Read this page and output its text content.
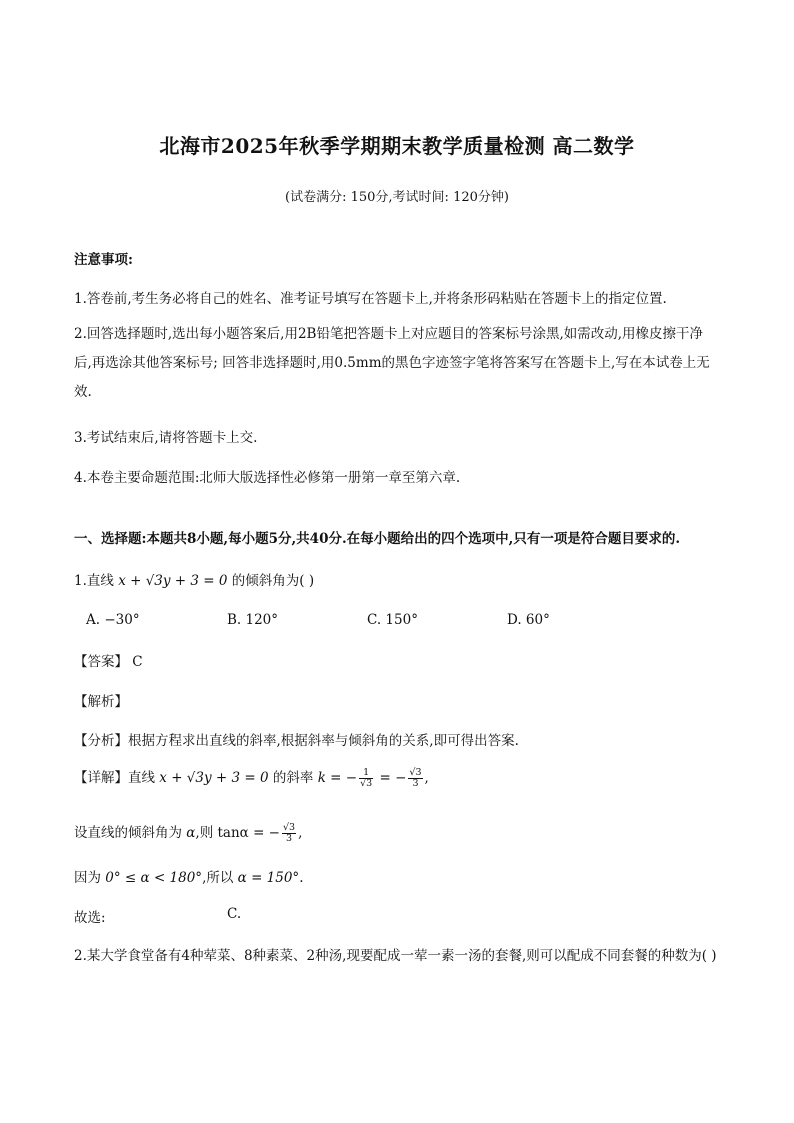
北海市2025年秋季学期期末教学质量检测 高二数学
(试卷满分: 150分,考试时间: 120分钟)
注意事项:
1.答卷前,考生务必将自己的姓名、准考证号填写在答题卡上,并将条形码粘贴在答题卡上的指定位置.
2.回答选择题时,选出每小题答案后,用2B铅笔把答题卡上对应题目的答案标号涂黑,如需改动,用橡皮擦干净后,再选涂其他答案标号; 回答非选择题时,用0.5mm的黑色字迹签字笔将答案写在答题卡上,写在本试卷上无效.
3.考试结束后,请将答题卡上交.
4.本卷主要命题范围:北师大版选择性必修第一册第一章至第六章.
一、选择题:本题共8小题,每小题5分,共40分.在每小题给出的四个选项中,只有一项是符合题目要求的.
1.直线 x + √3y + 3 = 0 的倾斜角为( )
A. −30°	B. 120°	C. 150°	D. 60°
【答案】 C
【解析】
【分析】根据方程求出直线的斜率,根据斜率与倾斜角的关系,即可得出答案.
【详解】直线 x + √3y + 3 = 0 的斜率 k = − $\frac{1}{√3}$ = − $\frac{√3}{3}$ ,
设直线的倾斜角为 α,则 tanα = − $\frac{√3}{3}$ ,
因为 0° ≤ α < 180°,所以 α = 150°.
故选:	C.
2.某大学食堂备有4种荤菜、8种素菜、2种汤,现要配成一荤一素一汤的套餐,则可以配成不同套餐的种数为( )
